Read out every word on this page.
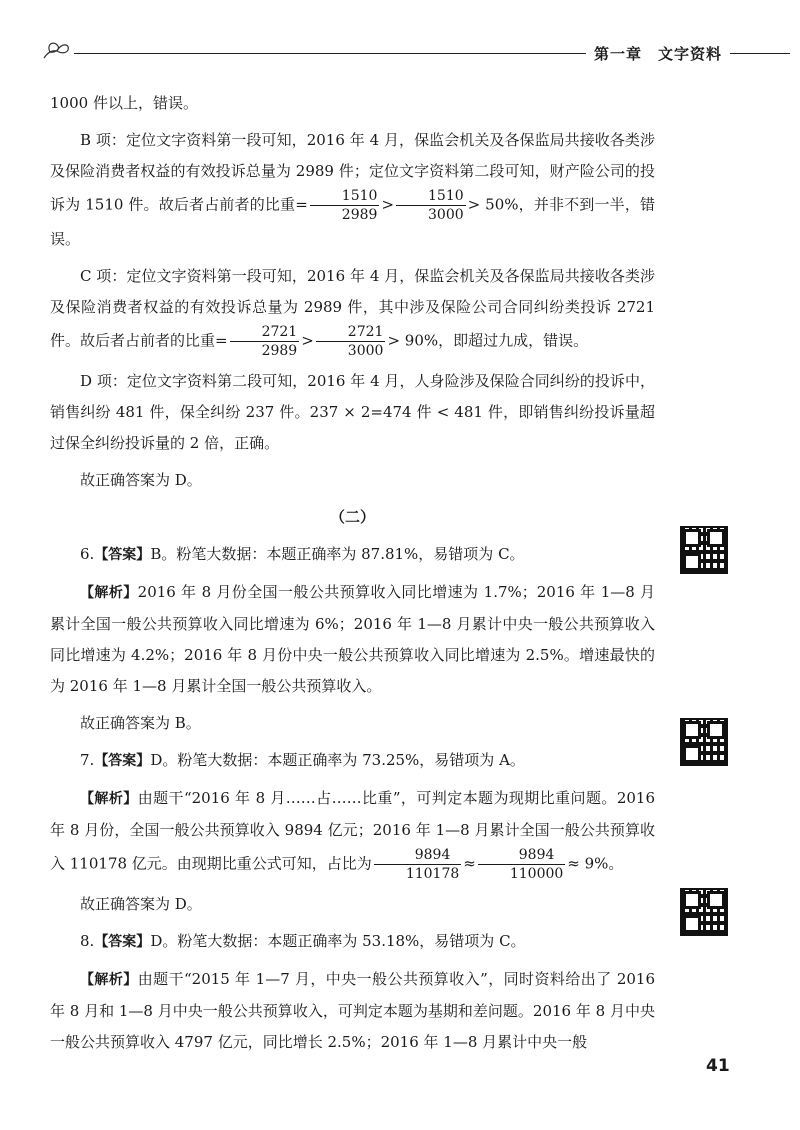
第一章　文字资料

1000 件以上，错误。

B 项：定位文字资料第一段可知，2016 年 4 月，保监会机关及各保监局共接收各类涉及保险消费者权益的有效投诉总量为 2989 件；定位文字资料第二段可知，财产险公司的投诉为 1510 件。故后者占前者的比重= $\frac{1510}{2989} > \frac{1510}{3000} > 50\%$，并非不到一半，错误。

C 项：定位文字资料第一段可知，2016 年 4 月，保监会机关及各保监局共接收各类涉及保险消费者权益的有效投诉总量为 2989 件，其中涉及保险公司合同纠纷类投诉 2721 件。故后者占前者的比重= $\frac{2721}{2989} > \frac{2721}{3000} > 90\%$，即超过九成，错误。

D 项：定位文字资料第二段可知，2016 年 4 月，人身险涉及保险合同纠纷的投诉中，销售纠纷 481 件，保全纠纷 237 件。237 × 2=474 件 < 481 件，即销售纠纷投诉量超过保全纠纷投诉量的 2 倍，正确。

故正确答案为 D。

（二）

6.【答案】B。粉笔大数据：本题正确率为 87.81%，易错项为 C。

【解析】2016 年 8 月份全国一般公共预算收入同比增速为 1.7%；2016 年 1—8 月累计全国一般公共预算收入同比增速为 6%；2016 年 1—8 月累计中央一般公共预算收入同比增速为 4.2%；2016 年 8 月份中央一般公共预算收入同比增速为 2.5%。增速最快的为 2016 年 1—8 月累计全国一般公共预算收入。

故正确答案为 B。

7.【答案】D。粉笔大数据：本题正确率为 73.25%，易错项为 A。

【解析】由题干“2016 年 8 月……占……比重”，可判定本题为现期比重问题。2016 年 8 月份，全国一般公共预算收入 9894 亿元；2016 年 1—8 月累计全国一般公共预算收入 110178 亿元。由现期比重公式可知，占比为 $\frac{9894}{110178} \approx \frac{9894}{110000} \approx 9\%$。

故正确答案为 D。

8.【答案】D。粉笔大数据：本题正确率为 53.18%，易错项为 C。

【解析】由题干“2015 年 1—7 月，中央一般公共预算收入”，同时资料给出了 2016 年 8 月和 1—8 月中央一般公共预算收入，可判定本题为基期和差问题。2016 年 8 月中央一般公共预算收入 4797 亿元，同比增长 2.5%；2016 年 1—8 月累计中央一般

41
